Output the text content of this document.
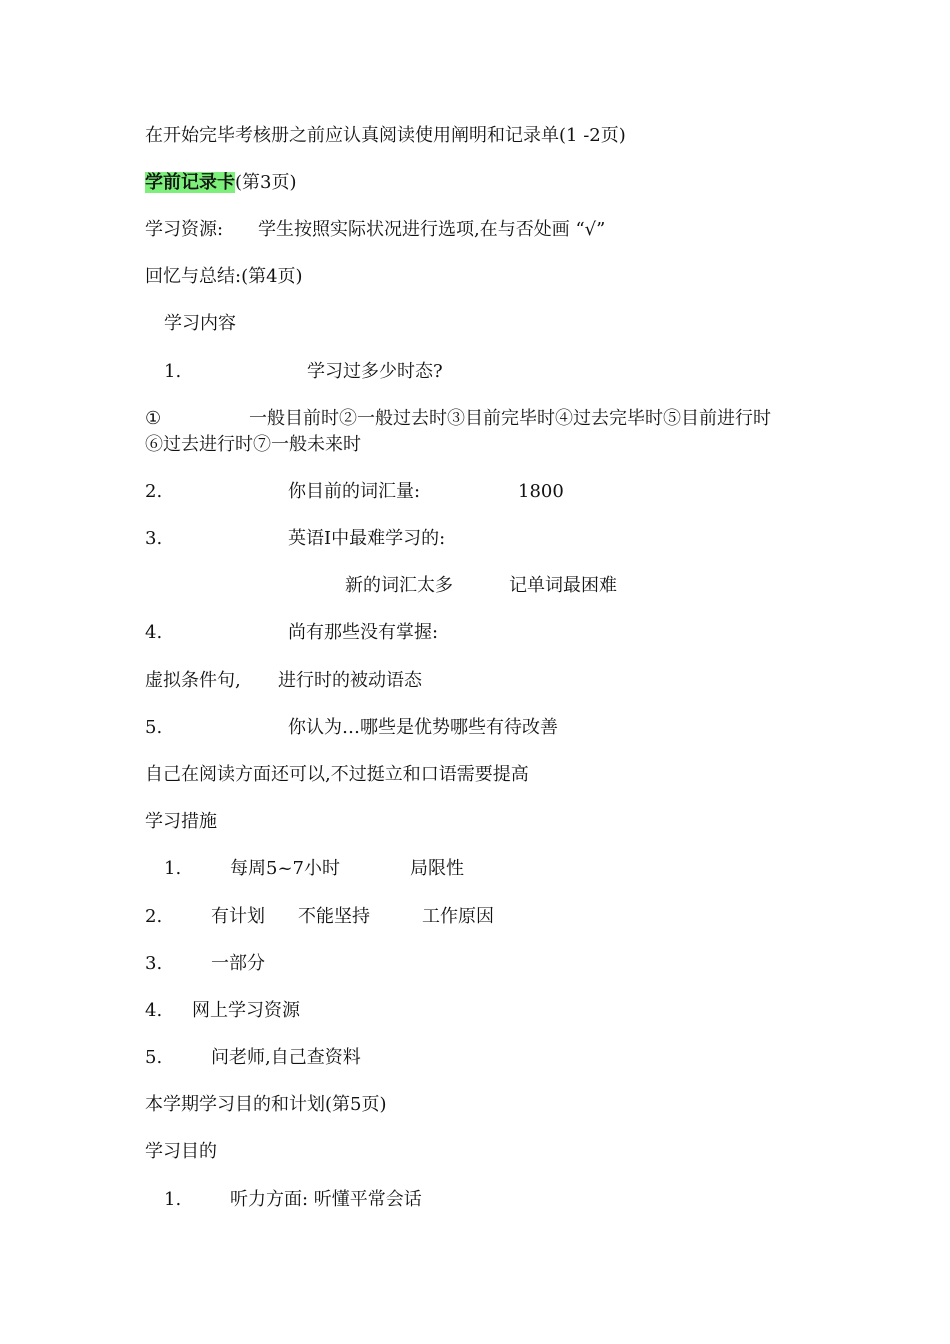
在开始完毕考核册之前应认真阅读使用阐明和记录单(1 -2页)
学前记录卡(第3页)
学习资源: 学生按照实际状况进行选项,在与否处画 “√”
回忆与总结:(第4页)
学习内容
1.	学习过多少时态?
①	一般目前时②一般过去时③目前完毕时④过去完毕时⑤目前进行时
⑥过去进行时⑦一般未来时
2.	你目前的词汇量:	1800
3.	英语I中最难学习的:
新的词汇太多	记单词最困难
4.	尚有那些没有掌握:
虚拟条件句, 进行时的被动语态
5.	你认为…哪些是优势哪些有待改善
自己在阅读方面还可以,不过挺立和口语需要提高
学习措施
1.	每周5~7小时	局限性
2.	有计划 不能坚持	工作原因
3.	一部分
4. 网上学习资源
5.	问老师,自己查资料
本学期学习目的和计划(第5页)
学习目的
1.	听力方面: 听懂平常会话
